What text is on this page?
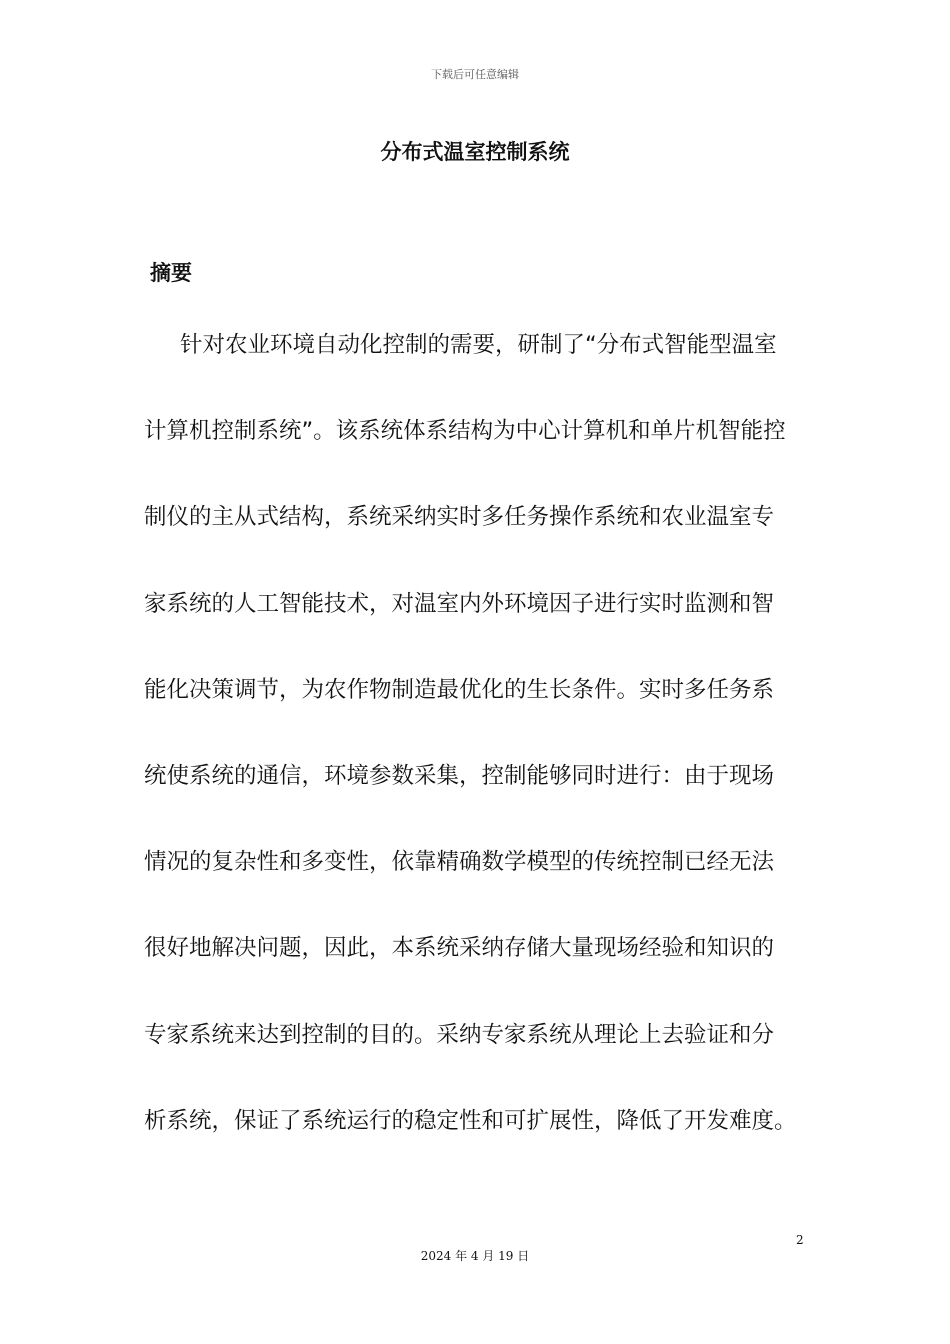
下载后可任意编辑
分布式温室控制系统
摘要
针对农业环境自动化控制的需要，研制了“分布式智能型温室
计算机控制系统”。该系统体系结构为中心计算机和单片机智能控
制仪的主从式结构，系统采纳实时多任务操作系统和农业温室专
家系统的人工智能技术，对温室内外环境因子进行实时监测和智
能化决策调节，为农作物制造最优化的生长条件。实时多任务系
统使系统的通信，环境参数采集，控制能够同时进行：由于现场
情况的复杂性和多变性，依靠精确数学模型的传统控制已经无法
很好地解决问题，因此，本系统采纳存储大量现场经验和知识的
专家系统来达到控制的目的。采纳专家系统从理论上去验证和分
析系统，保证了系统运行的稳定性和可扩展性，降低了开发难度。
2
2024 年 4 月 19 日
